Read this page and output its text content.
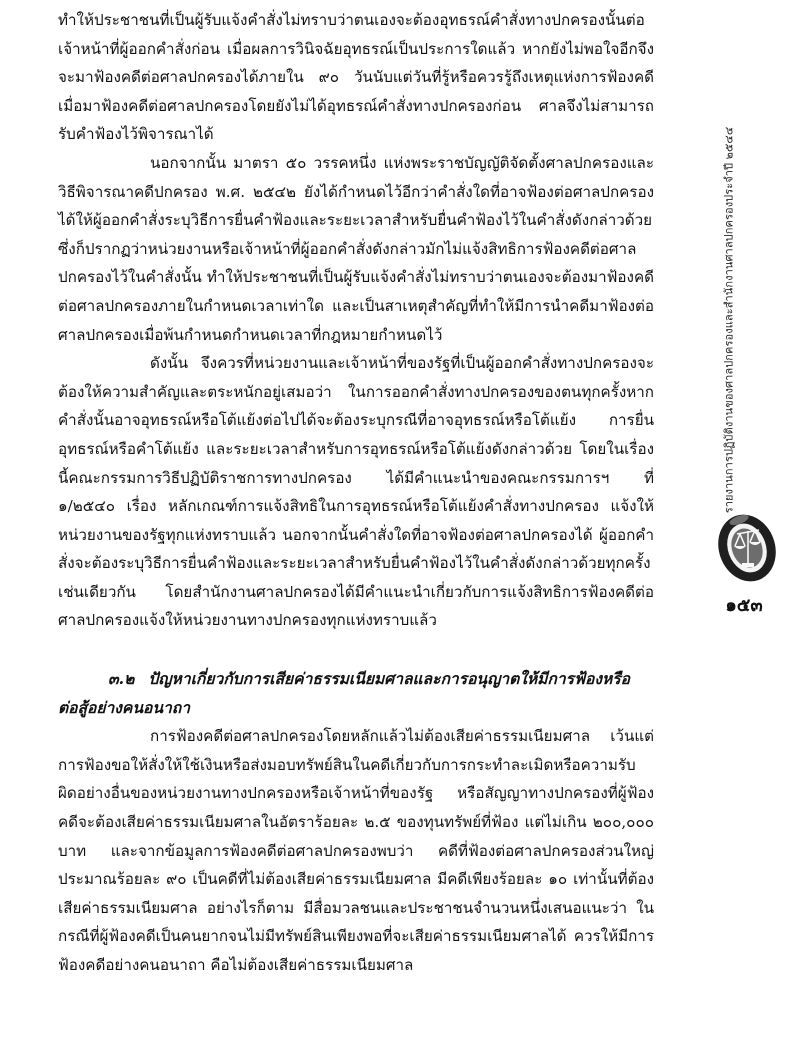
ทำให้ประชาชนที่เป็นผู้รับแจ้งคำสั่งไม่ทราบว่าตนเองจะต้องอุทธรณ์คำสั่งทางปกครองนั้นต่อเจ้าหน้าที่ผู้ออกคำสั่งก่อน เมื่อผลการวินิจฉัยอุทธรณ์เป็นประการใดแล้ว หากยังไม่พอใจอีกจึงจะมาฟ้องคดีต่อศาลปกครองได้ภายใน ๙๐ วันนับแต่วันที่รู้หรือควรรู้ถึงเหตุแห่งการฟ้องคดี เมื่อมาฟ้องคดีต่อศาลปกครองโดยยังไม่ได้อุทธรณ์คำสั่งทางปกครองก่อน ศาลจึงไม่สามารถรับคำฟ้องไว้พิจารณาได้

นอกจากนั้น มาตรา ๕๐ วรรคหนึ่ง แห่งพระราชบัญญัติจัดตั้งศาลปกครองและวิธีพิจารณาคดีปกครอง พ.ศ. ๒๕๔๒ ยังได้กำหนดไว้อีกว่าคำสั่งใดที่อาจฟ้องต่อศาลปกครองได้ให้ผู้ออกคำสั่งระบุวิธีการยื่นคำฟ้องและระยะเวลาสำหรับยื่นคำฟ้องไว้ในคำสั่งดังกล่าวด้วย ซึ่งก็ปรากฏว่าหน่วยงานหรือเจ้าหน้าที่ผู้ออกคำสั่งดังกล่าวมักไม่แจ้งสิทธิการฟ้องคดีต่อศาลปกครองไว้ในคำสั่งนั้น ทำให้ประชาชนที่เป็นผู้รับแจ้งคำสั่งไม่ทราบว่าตนเองจะต้องมาฟ้องคดีต่อศาลปกครองภายในกำหนดเวลาเท่าใด และเป็นสาเหตุสำคัญที่ทำให้มีการนำคดีมาฟ้องต่อศาลปกครองเมื่อพ้นกำหนดกำหนดเวลาที่กฎหมายกำหนดไว้

ดังนั้น จึงควรที่หน่วยงานและเจ้าหน้าที่ของรัฐที่เป็นผู้ออกคำสั่งทางปกครองจะต้องให้ความสำคัญและตระหนักอยู่เสมอว่า ในการออกคำสั่งทางปกครองของตนทุกครั้งหากคำสั่งนั้นอาจอุทธรณ์หรือโต้แย้งต่อไปได้จะต้องระบุกรณีที่อาจอุทธรณ์หรือโต้แย้ง การยื่นอุทธรณ์หรือคำโต้แย้ง และระยะเวลาสำหรับการอุทธรณ์หรือโต้แย้งดังกล่าวด้วย โดยในเรื่องนี้คณะกรรมการวิธีปฏิบัติราชการทางปกครอง ได้มีคำแนะนำของคณะกรรมการฯ ที่ ๑/๒๕๔๐ เรื่อง หลักเกณฑ์การแจ้งสิทธิในการอุทธรณ์หรือโต้แย้งคำสั่งทางปกครอง แจ้งให้หน่วยงานของรัฐทุกแห่งทราบแล้ว นอกจากนั้นคำสั่งใดที่อาจฟ้องต่อศาลปกครองได้ ผู้ออกคำสั่งจะต้องระบุวิธีการยื่นคำฟ้องและระยะเวลาสำหรับยื่นคำฟ้องไว้ในคำสั่งดังกล่าวด้วยทุกครั้งเช่นเดียวกัน โดยสำนักงานศาลปกครองได้มีคำแนะนำเกี่ยวกับการแจ้งสิทธิการฟ้องคดีต่อศาลปกครองแจ้งให้หน่วยงานทางปกครองทุกแห่งทราบแล้ว

๓.๒ ปัญหาเกี่ยวกับการเสียค่าธรรมเนียมศาลและการอนุญาตให้มีการฟ้องหรือต่อสู้อย่างคนอนาถา

การฟ้องคดีต่อศาลปกครองโดยหลักแล้วไม่ต้องเสียค่าธรรมเนียมศาล เว้นแต่การฟ้องขอให้สั่งให้ใช้เงินหรือส่งมอบทรัพย์สินในคดีเกี่ยวกับการกระทำละเมิดหรือความรับผิดอย่างอื่นของหน่วยงานทางปกครองหรือเจ้าหน้าที่ของรัฐ หรือสัญญาทางปกครองที่ผู้ฟ้องคดีจะต้องเสียค่าธรรมเนียมศาลในอัตราร้อยละ ๒.๕ ของทุนทรัพย์ที่ฟ้อง แต่ไม่เกิน ๒๐๐,๐๐๐ บาท และจากข้อมูลการฟ้องคดีต่อศาลปกครองพบว่า คดีที่ฟ้องต่อศาลปกครองส่วนใหญ่ประมาณร้อยละ ๙๐ เป็นคดีที่ไม่ต้องเสียค่าธรรมเนียมศาล มีคดีเพียงร้อยละ ๑๐ เท่านั้นที่ต้องเสียค่าธรรมเนียมศาล อย่างไรก็ตาม มีสื่อมวลชนและประชาชนจำนวนหนึ่งเสนอแนะว่า ในกรณีที่ผู้ฟ้องคดีเป็นคนยากจนไม่มีทรัพย์สินเพียงพอที่จะเสียค่าธรรมเนียมศาลได้ ควรให้มีการฟ้องคดีอย่างคนอนาถา คือไม่ต้องเสียค่าธรรมเนียมศาล

รายงานการปฏิบัติงานของศาลปกครองและสำนักงานศาลปกครองประจำปี ๒๕๔๔
๑๕๓
